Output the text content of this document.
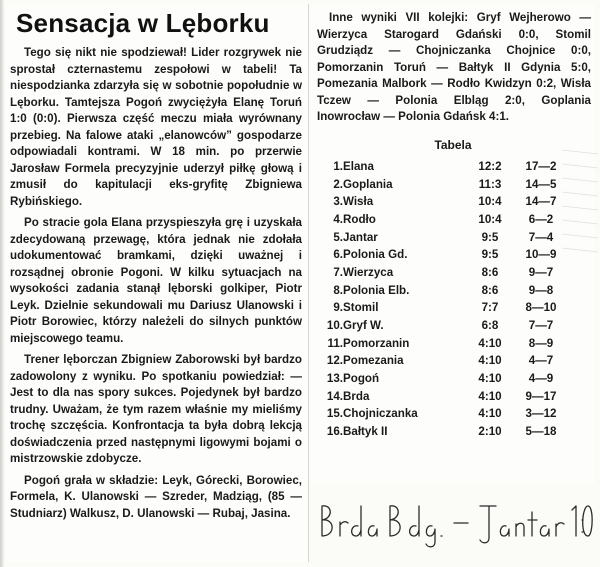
Sensacja w Lęborku

Tego się nikt nie spodziewał! Lider rozgrywek nie sprostał czternastemu zespołowi w tabeli! Ta niespodzianka zdarzyła się w sobotnie popołudnie w Lęborku. Tamtejsza Pogoń zwyciężyła Elanę Toruń 1:0 (0:0). Pierwsza część meczu miała wyrównany przebieg. Na falowe ataki „elanowców” gospodarze odpowiadali kontrami. W 18 min. po przerwie Jarosław Formela precyzyjnie uderzył piłkę głową i zmusił do kapitulacji eks-gryfitę Zbigniewa Rybińskiego.

Po stracie gola Elana przyspieszyła grę i uzyskała zdecydowaną przewagę, która jednak nie zdołała udokumentować bramkami, dzięki uważnej i rozsądnej obronie Pogoni. W kilku sytuacjach na wysokości zadania stanął lęborski golkiper, Piotr Leyk. Dzielnie sekundowali mu Dariusz Ulanowski i Piotr Borowiec, którzy należeli do silnych punktów miejscowego teamu.

Trener lęborczan Zbigniew Zaborowski był bardzo zadowolony z wyniku. Po spotkaniu powiedział: — Jest to dla nas spory sukces. Pojedynek był bardzo trudny. Uważam, że tym razem właśnie my mieliśmy trochę szczęścia. Konfrontacja ta była dobrą lekcją doświadczenia przed następnymi ligowymi bojami o mistrzowskie zdobycze.

Pogoń grała w składzie: Leyk, Górecki, Borowiec, Formela, K. Ulanowski — Szreder, Madziąg, (85 — Studniarz) Walkusz, D. Ulanowski — Rubaj, Jasina.

Inne wyniki VII kolejki: Gryf Wejherowo — Wierzyca Starogard Gdański 0:0, Stomil Grudziądz — Chojniczanka Chojnice 0:0, Pomorzanin Toruń — Bałtyk II Gdynia 5:0, Pomezania Malbork — Rodło Kwidzyn 0:2, Wisła Tczew — Polonia Elbląg 2:0, Goplania Inowrocław — Polonia Gdańsk 4:1.

Tabela
1.	Elana	12:2	17—2
2.	Goplania	11:3	14—5
3.	Wisła	10:4	14—7
4.	Rodło	10:4	6—2
5.	Jantar	9:5	7—4
6.	Polonia Gd.	9:5	10—9
7.	Wierzyca	8:6	9—7
8.	Polonia Elb.	8:6	9—8
9.	Stomil	7:7	8—10
10.	Gryf W.	6:8	7—7
11.	Pomorzanin	4:10	8—9
12.	Pomezania	4:10	4—7
13.	Pogoń	4:10	4—9
14.	Brda	4:10	9—17
15.	Chojniczanka	4:10	3—12
16.	Bałtyk II	2:10	5—18
Brda Bdg. - Jantar 1:0.
